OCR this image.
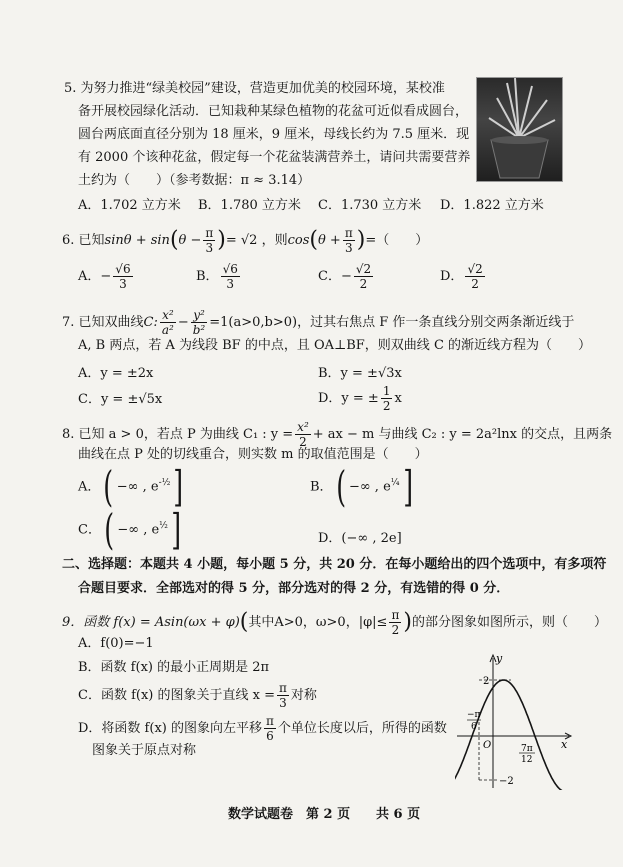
5. 为努力推进“绿美校园”建设，营造更加优美的校园环境，某校准
备开展校园绿化活动．已知栽种某绿色植物的花盆可近似看成圆台，
圆台两底面直径分别为 18 厘米，9 厘米，母线长约为 7.5 厘米．现
有 2000 个该种花盆，假定每一个花盆装满营养土，请问共需要营养
土约为（　　）（参考数据：π ≈ 3.14）
A．1.702 立方米 B．1.780 立方米 C．1.730 立方米 D．1.822 立方米
6. 已知$\sin\theta + \sin(\theta - \frac{\pi}{3}$ )= √2 ，则$\cos(\theta + \frac{\pi}{3}$ )=（　　）
A．− $\frac{√6}{3}$	B． $\frac{√6}{3}$	C．− $\frac{√2}{2}$	D． $\frac{√2}{2}$
7. 已知双曲线C: $\frac{\text{x²}}{\text{a²}} - \frac{\text{y²}}{\text{b²}} =1(a>0,b>0)$，过其右焦点 F 作一条直线分别交两条渐近线于
A, B 两点，若 A 为线段 BF 的中点，且 OA⊥BF，则双曲线 C 的渐近线方程为（　　）
A．y = ±2x	B．y = ±√3x
C．y = ±√5x	D．y = ± $\frac{1}{2}$ x
8. 已知 a > 0，若点 P 为曲线 C₁ : $y = \frac{\text{x²}}{2}$ + ax − m 与曲线 C₂ : y = 2a²lnx 的交点，且两条
曲线在点 P 处的切线重合，则实数 m 的取值范围是（　　）
A．( −∞ , $e^{-\frac{1}{2}}$]	B．( −∞ , $e^{\frac{1}{4}}$]
C．( −∞ , $e^{\frac{1}{2}}$]	D．(−∞ , 2e]
二、选择题：本题共 4 小题，每小题 5 分，共 20 分．在每小题给出的四个选项中，有多项符
合题目要求．全部选对的得 5 分，部分选对的得 2 分，有选错的得 0 分．
9．函数 f(x) = Asin(ωx + φ)(其中A>0，ω>0，$|\varphi|\le \frac{\pi}{2}$ )的部分图象如图所示，则（　　）
A．f(0)=−1
B．函数 f(x) 的最小正周期是 2π
C．函数 f(x) 的图象关于直线 $x = \frac{\pi}{3}$ 对称
D．将函数 f(x) 的图象向左平移 $\frac{\pi}{6}$ 个单位长度以后，所得的函数
图象关于原点对称
y
x
O
2
−2
−π
6
7π
12
数学试题卷 第 2 页 共 6 页
